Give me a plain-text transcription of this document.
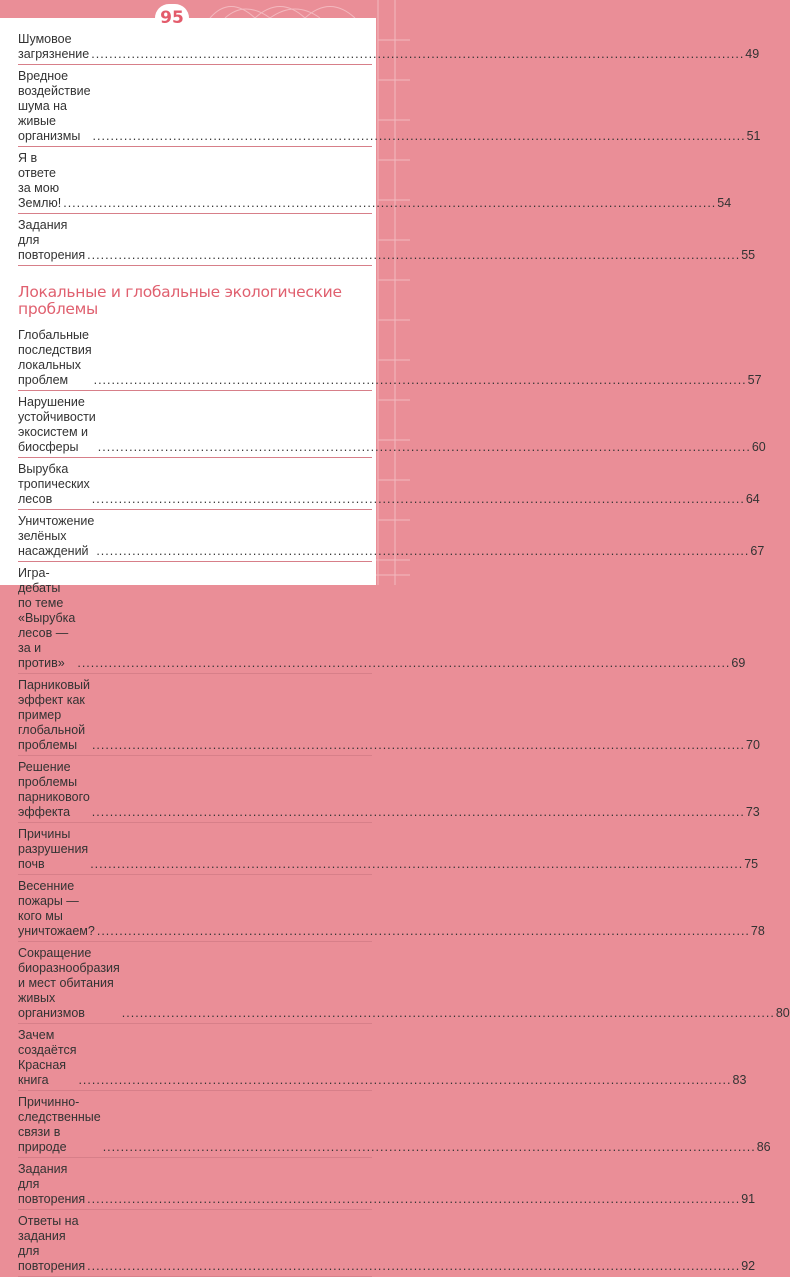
95
Шумовое загрязнение .....	49
Вредное воздействие шума на живые организмы .....	51
Я в ответе за мою Землю! .....	54
Задания для повторения .....	55
Локальные и глобальные экологические
проблемы
Глобальные последствия локальных проблем .....	57
Нарушение устойчивости экосистем и биосферы .....	60
Вырубка тропических лесов .....	64
Уничтожение зелёных насаждений .....	67
Игра-дебаты по теме
«Вырубка лесов — за и против» .....	69
Парниковый эффект как пример
глобальной проблемы .....	70
Решение проблемы парникового эффекта .....	73
Причины разрушения почв .....	75
Весенние пожары — кого мы уничтожаем? .....	78
Сокращение биоразнообразия и мест обитания
живых организмов .....	80
Зачем создаётся Красная книга .....	83
Причинно-следственные связи в природе .....	86
Задания для повторения .....	91
Ответы на задания для повторения .....	92
